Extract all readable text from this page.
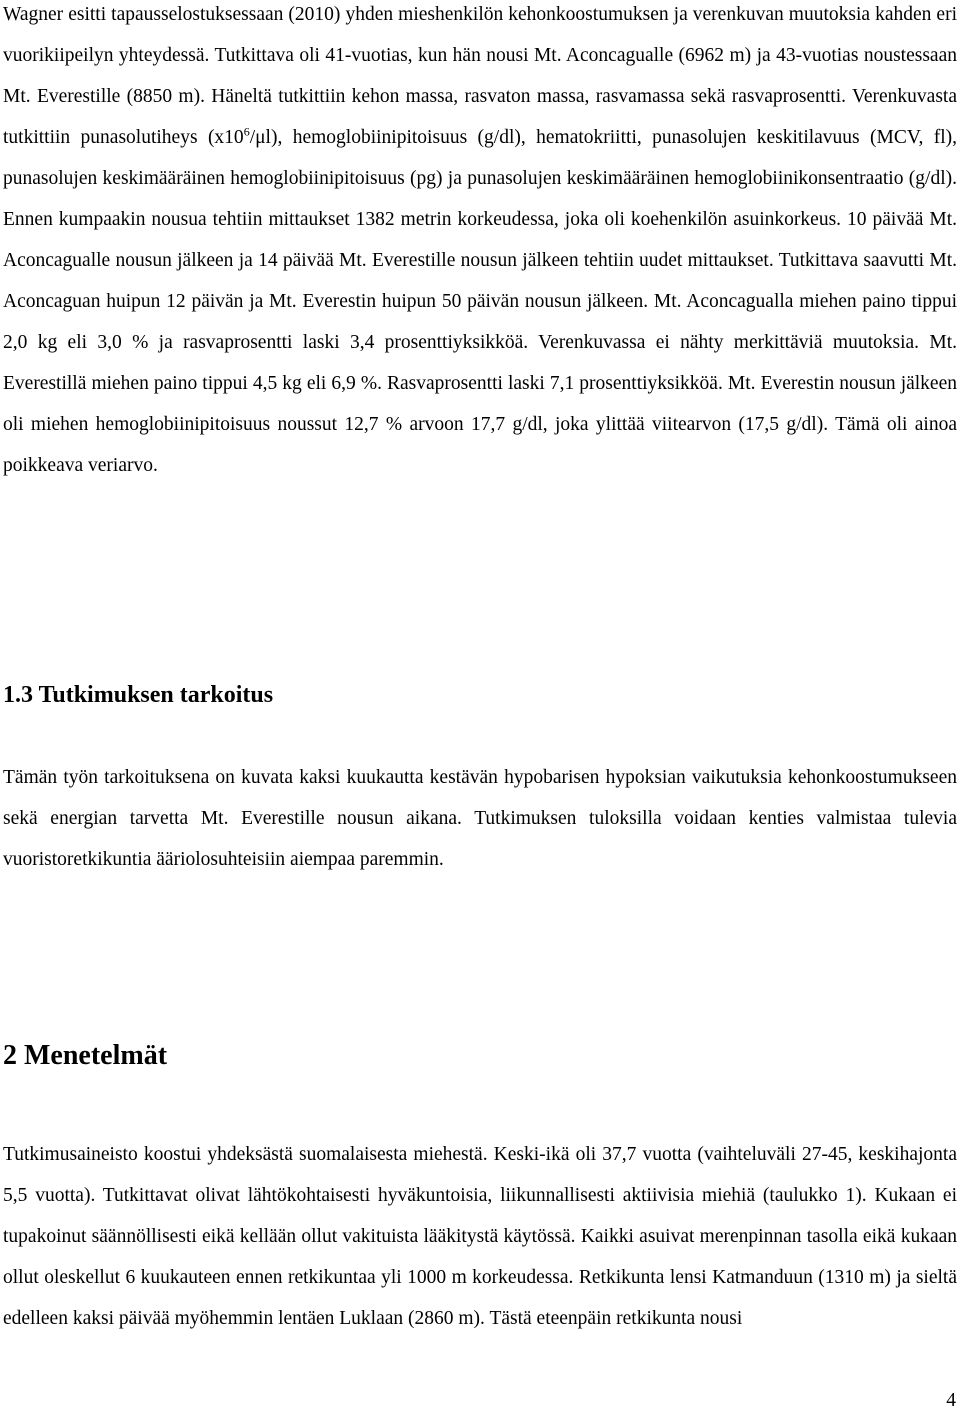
Wagner esitti tapausselostuksessaan (2010) yhden mieshenkilön kehonkoostumuksen ja verenkuvan muutoksia kahden eri vuorikiipeilyn yhteydessä. Tutkittava oli 41-vuotias, kun hän nousi Mt. Aconcagualle (6962 m) ja 43-vuotias noustessaan Mt. Everestille (8850 m). Häneltä tutkittiin kehon massa, rasvaton massa, rasvamassa sekä rasvaprosentti. Verenkuvasta tutkittiin punasolutiheys $(x10^6/\mu l)$, hemoglobiinipitoisuus (g/dl), hematokriitti, punasolujen keskitilavuus (MCV, fl), punasolujen keskimääräinen hemoglobiinipitoisuus (pg) ja punasolujen keskimääräinen hemoglobiinikonsentraatio (g/dl). Ennen kumpaakin nousua tehtiin mittaukset 1382 metrin korkeudessa, joka oli koehenkilön asuinkorkeus. 10 päivää Mt. Aconcagualle nousun jälkeen ja 14 päivää Mt. Everestille nousun jälkeen tehtiin uudet mittaukset. Tutkittava saavutti Mt. Aconcaguan huipun 12 päivän ja Mt. Everestin huipun 50 päivän nousun jälkeen. Mt. Aconcagualla miehen paino tippui 2,0 kg eli 3,0 % ja rasvaprosentti laski 3,4 prosenttiyksikköä. Verenkuvassa ei nähty merkittäviä muutoksia. Mt. Everestillä miehen paino tippui 4,5 kg eli 6,9 %. Rasvaprosentti laski 7,1 prosenttiyksikköä. Mt. Everestin nousun jälkeen oli miehen hemoglobiinipitoisuus noussut 12,7 % arvoon 17,7 g/dl, joka ylittää viitearvon (17,5 g/dl). Tämä oli ainoa poikkeava veriarvo.

1.3 Tutkimuksen tarkoitus

Tämän työn tarkoituksena on kuvata kaksi kuukautta kestävän hypobarisen hypoksian vaikutuksia kehonkoostumukseen sekä energian tarvetta Mt. Everestille nousun aikana. Tutkimuksen tuloksilla voidaan kenties valmistaa tulevia vuoristoretkikuntia ääriolosuhteisiin aiempaa paremmin.

2 Menetelmät

Tutkimusaineisto koostui yhdeksästä suomalaisesta miehestä. Keski-ikä oli 37,7 vuotta (vaihteluväli 27-45, keskihajonta 5,5 vuotta). Tutkittavat olivat lähtökohtaisesti hyväkuntoisia, liikunnallisesti aktiivisia miehiä (taulukko 1). Kukaan ei tupakoinut säännöllisesti eikä kellään ollut vakituista lääkitystä käytössä. Kaikki asuivat merenpinnan tasolla eikä kukaan ollut oleskellut 6 kuukauteen ennen retkikuntaa yli 1000 m korkeudessa. Retkikunta lensi Katmanduun (1310 m) ja sieltä edelleen kaksi päivää myöhemmin lentäen Luklaan (2860 m). Tästä eteenpäin retkikunta nousi

4
